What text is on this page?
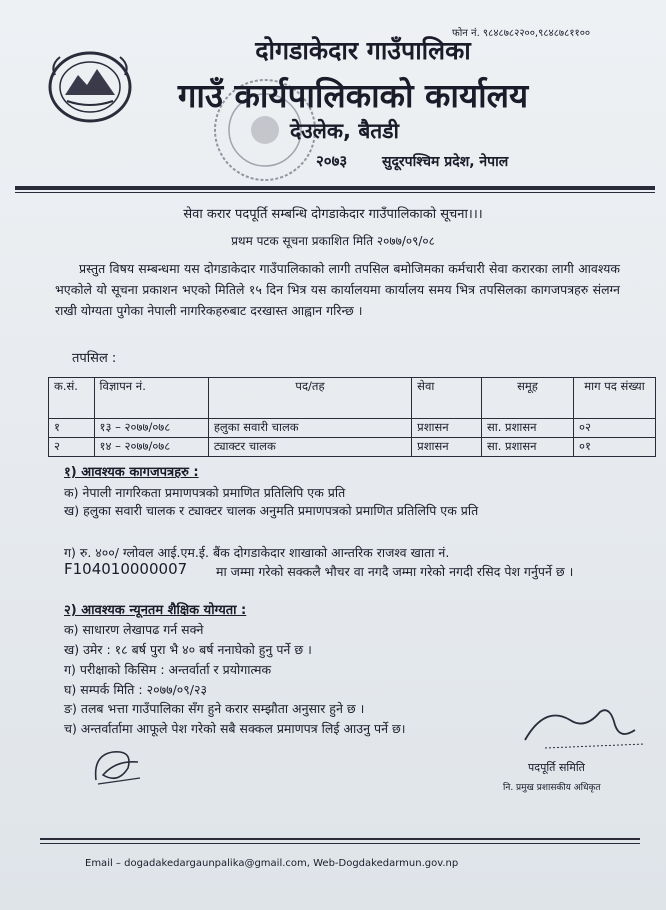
फोन नं. ९८४८७८२२००,९८४८७८११००
दोगडाकेदार गाउँपालिका
गाउँ कार्यपालिकाको कार्यालय
देउलेक, बैतडी
२०७३ सुदूरपश्चिम प्रदेश, नेपाल
सेवा करार पदपूर्ति सम्बन्धि दोगडाकेदार गाउँपालिकाको सूचना।।।
प्रथम पटक सूचना प्रकाशित मिति २०७७/०९/०८
प्रस्तुत विषय सम्बन्धमा यस दोगडाकेदार गाउँपालिकाको लागी तपसिल बमोजिमका कर्मचारी सेवा करारका लागी आवश्यक भएकोले यो सूचना प्रकाशन भएको मितिले १५ दिन भित्र यस कार्यालयमा कार्यालय समय भित्र तपसिलका कागजपत्रहरु संलग्न राखी योग्यता पुगेका नेपाली नागरिकहरुबाट दरखास्त आह्वान गरिन्छ ।
तपसिल :
क.सं.	विज्ञापन नं.	पद/तह	सेवा	समूह	माग पद संख्या
१	१३ – २०७७/०७८	हलुका सवारी चालक	प्रशासन	सा. प्रशासन	०२
२	१४ – २०७७/०७८	ट्याक्टर चालक	प्रशासन	सा. प्रशासन	०१
१) आवश्यक कागजपत्रहरु :
क) नेपाली नागरिकता प्रमाणपत्रको प्रमाणित प्रतिलिपि एक प्रति
ख) हलुका सवारी चालक र ट्याक्टर चालक अनुमति प्रमाणपत्रको प्रमाणित प्रतिलिपि एक प्रति
ग) रु. ४००/ ग्लोवल आई.एम.ई. बैंक दोगडाकेदार शाखाको आन्तरिक राजश्व खाता नं.
F104010000007 मा जम्मा गरेको सक्कलै भौचर वा नगदै जम्मा गरेको नगदी रसिद पेश गर्नुपर्ने छ ।
२) आवश्यक न्यूनतम शैक्षिक योग्यता :
क) साधारण लेखापढ गर्न सक्ने
ख) उमेर : १८ बर्ष पुरा भै ४० बर्ष ननाघेको हुनु पर्ने छ ।
ग) परीक्षाको किसिम : अन्तर्वार्ता र प्रयोगात्मक
घ) सम्पर्क मिति : २०७७/०९/२३
ङ) तलब भत्ता गाउँपालिका सँग हुने करार सम्झौता अनुसार हुने छ ।
च) अन्तर्वार्तामा आफूले पेश गरेको सबै सक्कल प्रमाणपत्र लिई आउनु पर्ने छ।
पदपूर्ति समिति
नि. प्रमुख प्रशासकीय अधिकृत
Email – dogadakedargaunpalika@gmail.com, Web-Dogdakedarmun.gov.np
